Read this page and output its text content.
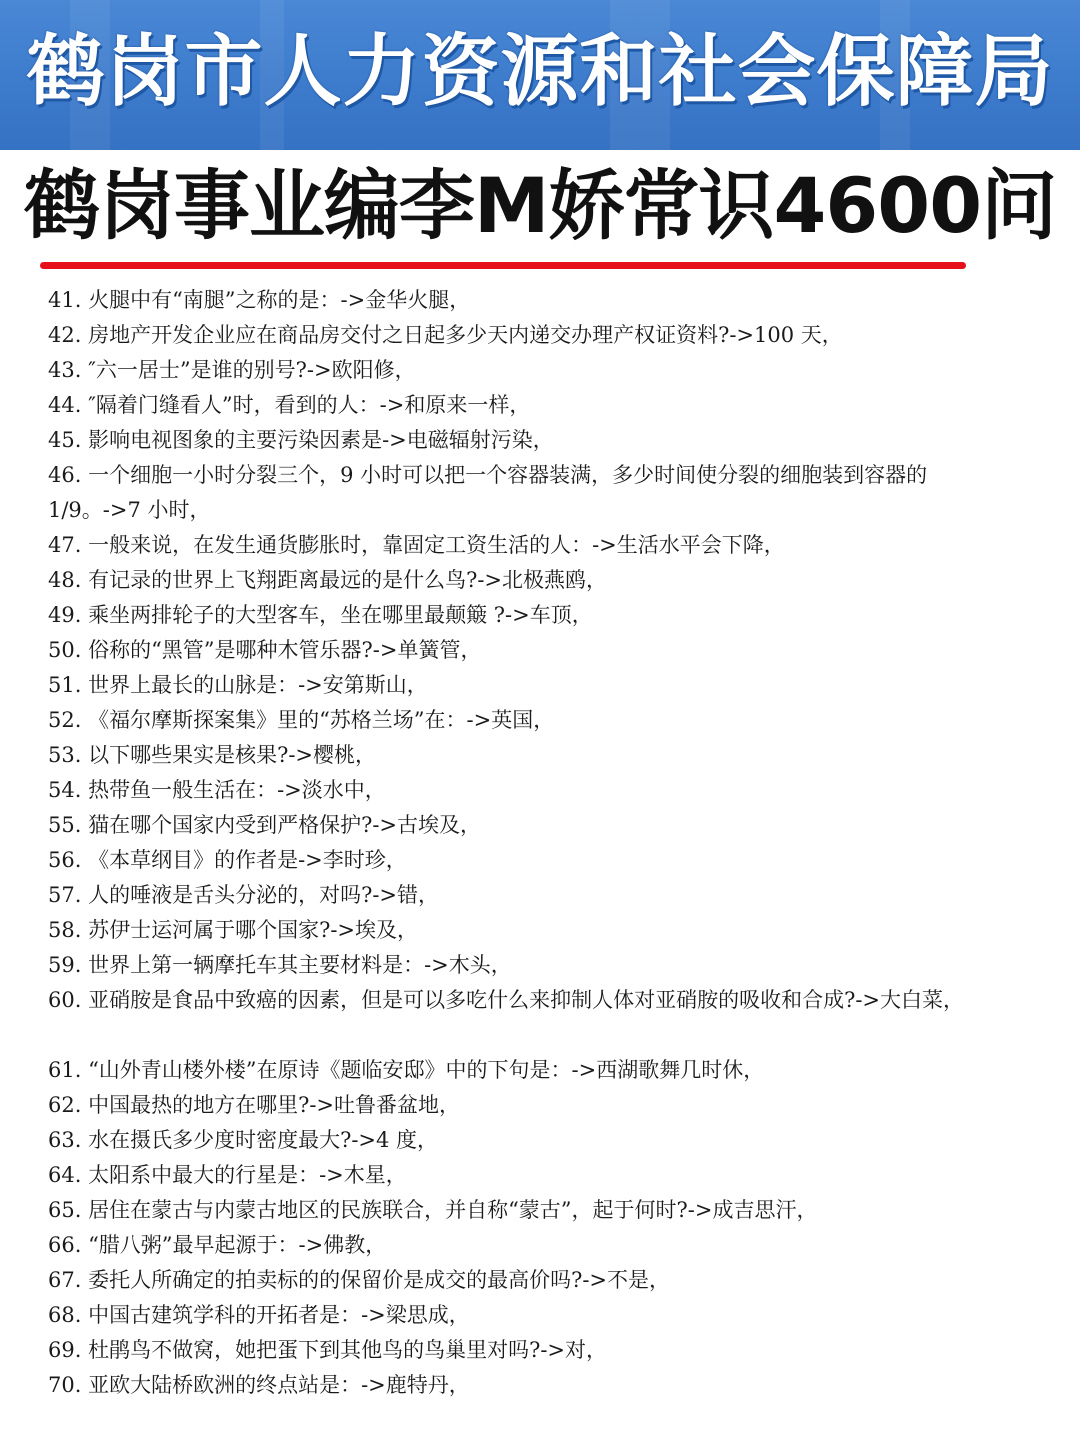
鹤岗市人力资源和社会保障局
鹤岗事业编李M娇常识4600问
41. 火腿中有“南腿”之称的是：->金华火腿，
42. 房地产开发企业应在商品房交付之日起多少天内递交办理产权证资料?->100 天，
43. ″六一居士”是谁的别号?->欧阳修，
44. ″隔着门缝看人”时，看到的人：->和原来一样，
45. 影响电视图象的主要污染因素是->电磁辐射污染，
46. 一个细胞一小时分裂三个，9 小时可以把一个容器装满，多少时间使分裂的细胞装到容器的 1/9。->7 小时，
47. 一般来说，在发生通货膨胀时，靠固定工资生活的人：->生活水平会下降，
48. 有记录的世界上飞翔距离最远的是什么鸟?->北极燕鸥，
49. 乘坐两排轮子的大型客车，坐在哪里最颠簸 ?->车顶，
50. 俗称的“黑管”是哪种木管乐器?->单簧管，
51. 世界上最长的山脉是：->安第斯山，
52. 《福尔摩斯探案集》里的“苏格兰场”在：->英国，
53. 以下哪些果实是核果?->樱桃，
54. 热带鱼一般生活在：->淡水中，
55. 猫在哪个国家内受到严格保护?->古埃及，
56. 《本草纲目》的作者是->李时珍，
57. 人的唾液是舌头分泌的，对吗?->错，
58. 苏伊士运河属于哪个国家?->埃及，
59. 世界上第一辆摩托车其主要材料是：->木头，
60. 亚硝胺是食品中致癌的因素，但是可以多吃什么来抑制人体对亚硝胺的吸收和合成?->大白菜，
61. “山外青山楼外楼”在原诗《题临安邸》中的下句是：->西湖歌舞几时休，
62. 中国最热的地方在哪里?->吐鲁番盆地，
63. 水在摄氏多少度时密度最大?->4 度，
64. 太阳系中最大的行星是：->木星，
65. 居住在蒙古与内蒙古地区的民族联合，并自称“蒙古”，起于何时?->成吉思汗，
66. “腊八粥”最早起源于：->佛教，
67. 委托人所确定的拍卖标的的保留价是成交的最高价吗?->不是，
68. 中国古建筑学科的开拓者是：->梁思成，
69. 杜鹃鸟不做窝，她把蛋下到其他鸟的鸟巢里对吗?->对，
70. 亚欧大陆桥欧洲的终点站是：->鹿特丹，
